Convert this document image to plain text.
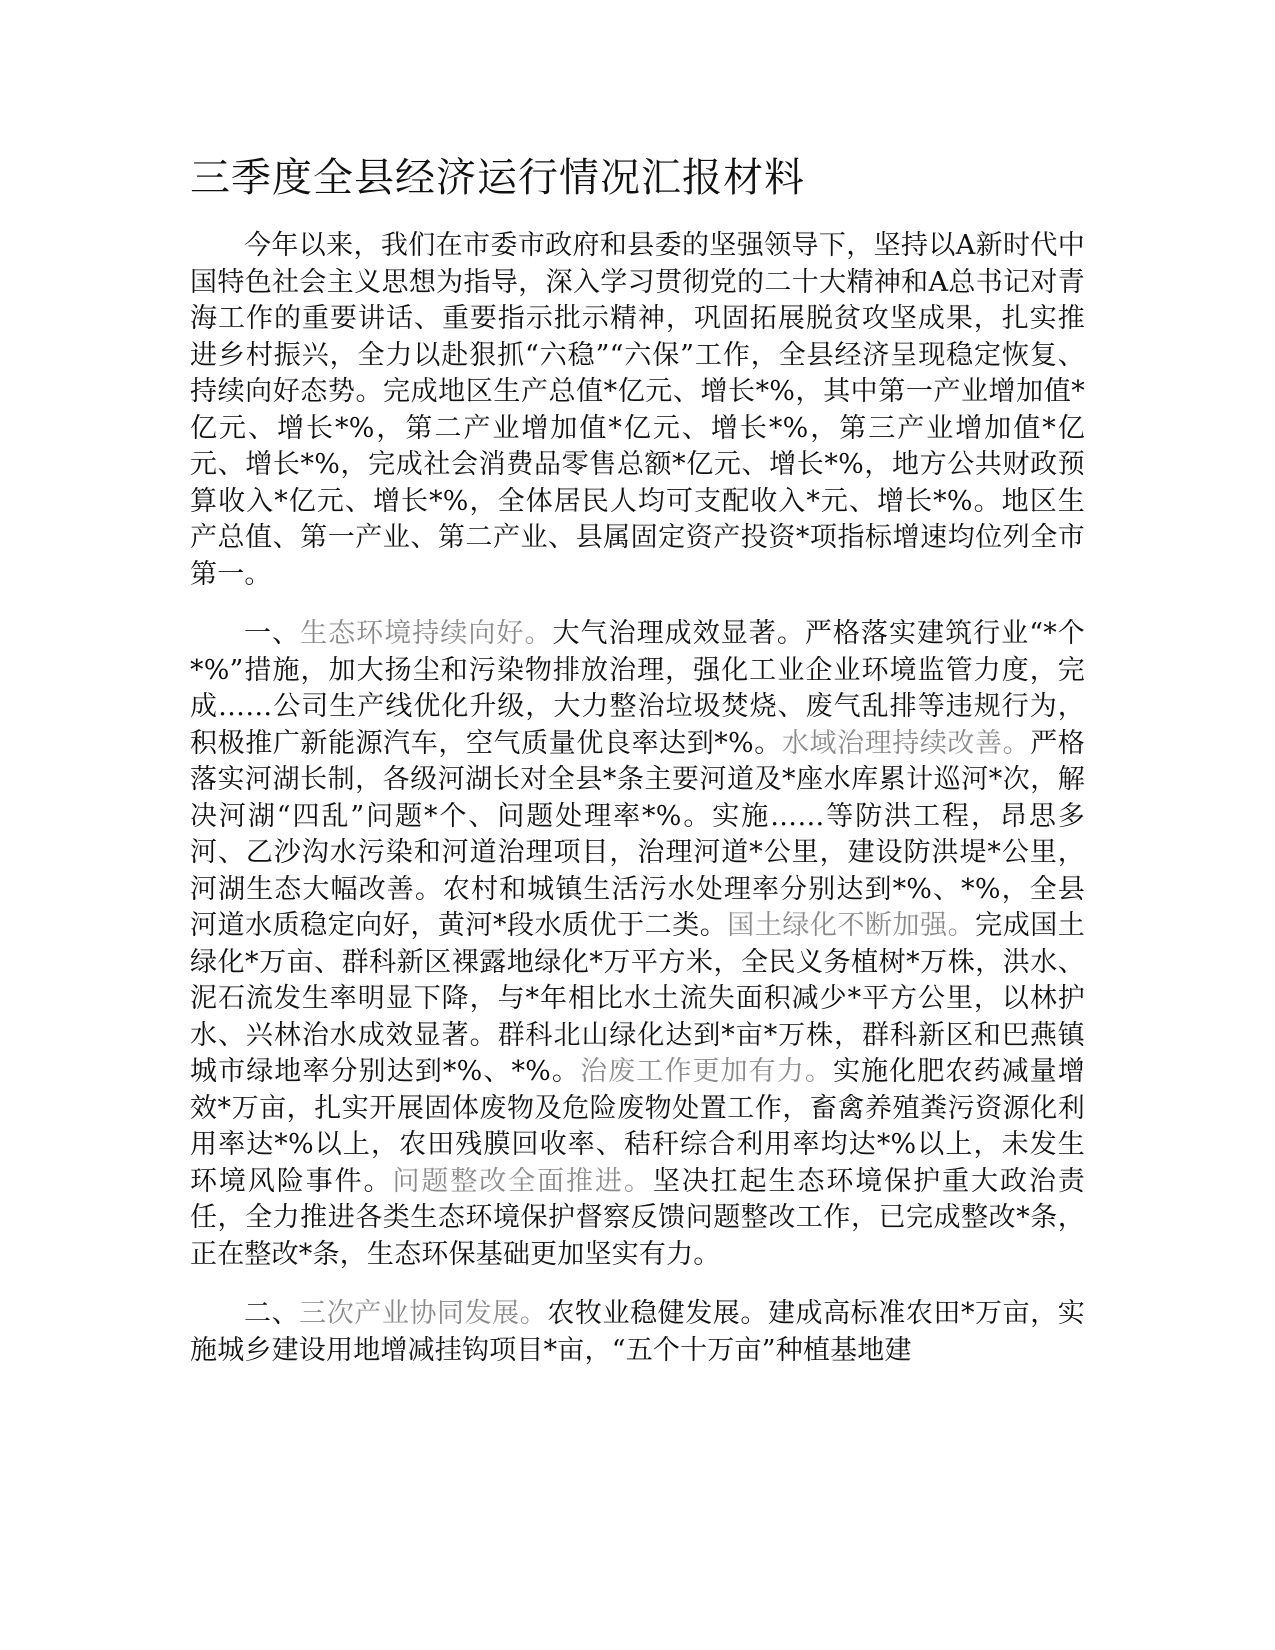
三季度全县经济运行情况汇报材料

今年以来，我们在市委市政府和县委的坚强领导下，坚持以A新时代中国特色社会主义思想为指导，深入学习贯彻党的二十大精神和A总书记对青海工作的重要讲话、重要指示批示精神，巩固拓展脱贫攻坚成果，扎实推进乡村振兴，全力以赴狠抓“六稳”“六保”工作，全县经济呈现稳定恢复、持续向好态势。完成地区生产总值*亿元、增长*%，其中第一产业增加值*亿元、增长*%，第二产业增加值*亿元、增长*%，第三产业增加值*亿元、增长*%，完成社会消费品零售总额*亿元、增长*%，地方公共财政预算收入*亿元、增长*%，全体居民人均可支配收入*元、增长*%。地区生产总值、第一产业、第二产业、县属固定资产投资*项指标增速均位列全市第一。

一、生态环境持续向好。大气治理成效显著。严格落实建筑行业“*个*%”措施，加大扬尘和污染物排放治理，强化工业企业环境监管力度，完成……公司生产线优化升级，大力整治垃圾焚烧、废气乱排等违规行为，积极推广新能源汽车，空气质量优良率达到*%。水域治理持续改善。严格落实河湖长制，各级河湖长对全县*条主要河道及*座水库累计巡河*次，解决河湖“四乱”问题*个、问题处理率*%。实施……等防洪工程，昂思多河、乙沙沟水污染和河道治理项目，治理河道*公里，建设防洪堤*公里，河湖生态大幅改善。农村和城镇生活污水处理率分别达到*%、*%，全县河道水质稳定向好，黄河*段水质优于二类。国土绿化不断加强。完成国土绿化*万亩、群科新区裸露地绿化*万平方米，全民义务植树*万株，洪水、泥石流发生率明显下降，与*年相比水土流失面积减少*平方公里，以林护水、兴林治水成效显著。群科北山绿化达到*亩*万株，群科新区和巴燕镇城市绿地率分别达到*%、*%。治废工作更加有力。实施化肥农药减量增效*万亩，扎实开展固体废物及危险废物处置工作，畜禽养殖粪污资源化利用率达*%以上，农田残膜回收率、秸秆综合利用率均达*%以上，未发生环境风险事件。问题整改全面推进。坚决扛起生态环境保护重大政治责任，全力推进各类生态环境保护督察反馈问题整改工作，已完成整改*条，正在整改*条，生态环保基础更加坚实有力。

二、三次产业协同发展。农牧业稳健发展。建成高标准农田*万亩，实施城乡建设用地增减挂钩项目*亩，“五个十万亩”种植基地建
